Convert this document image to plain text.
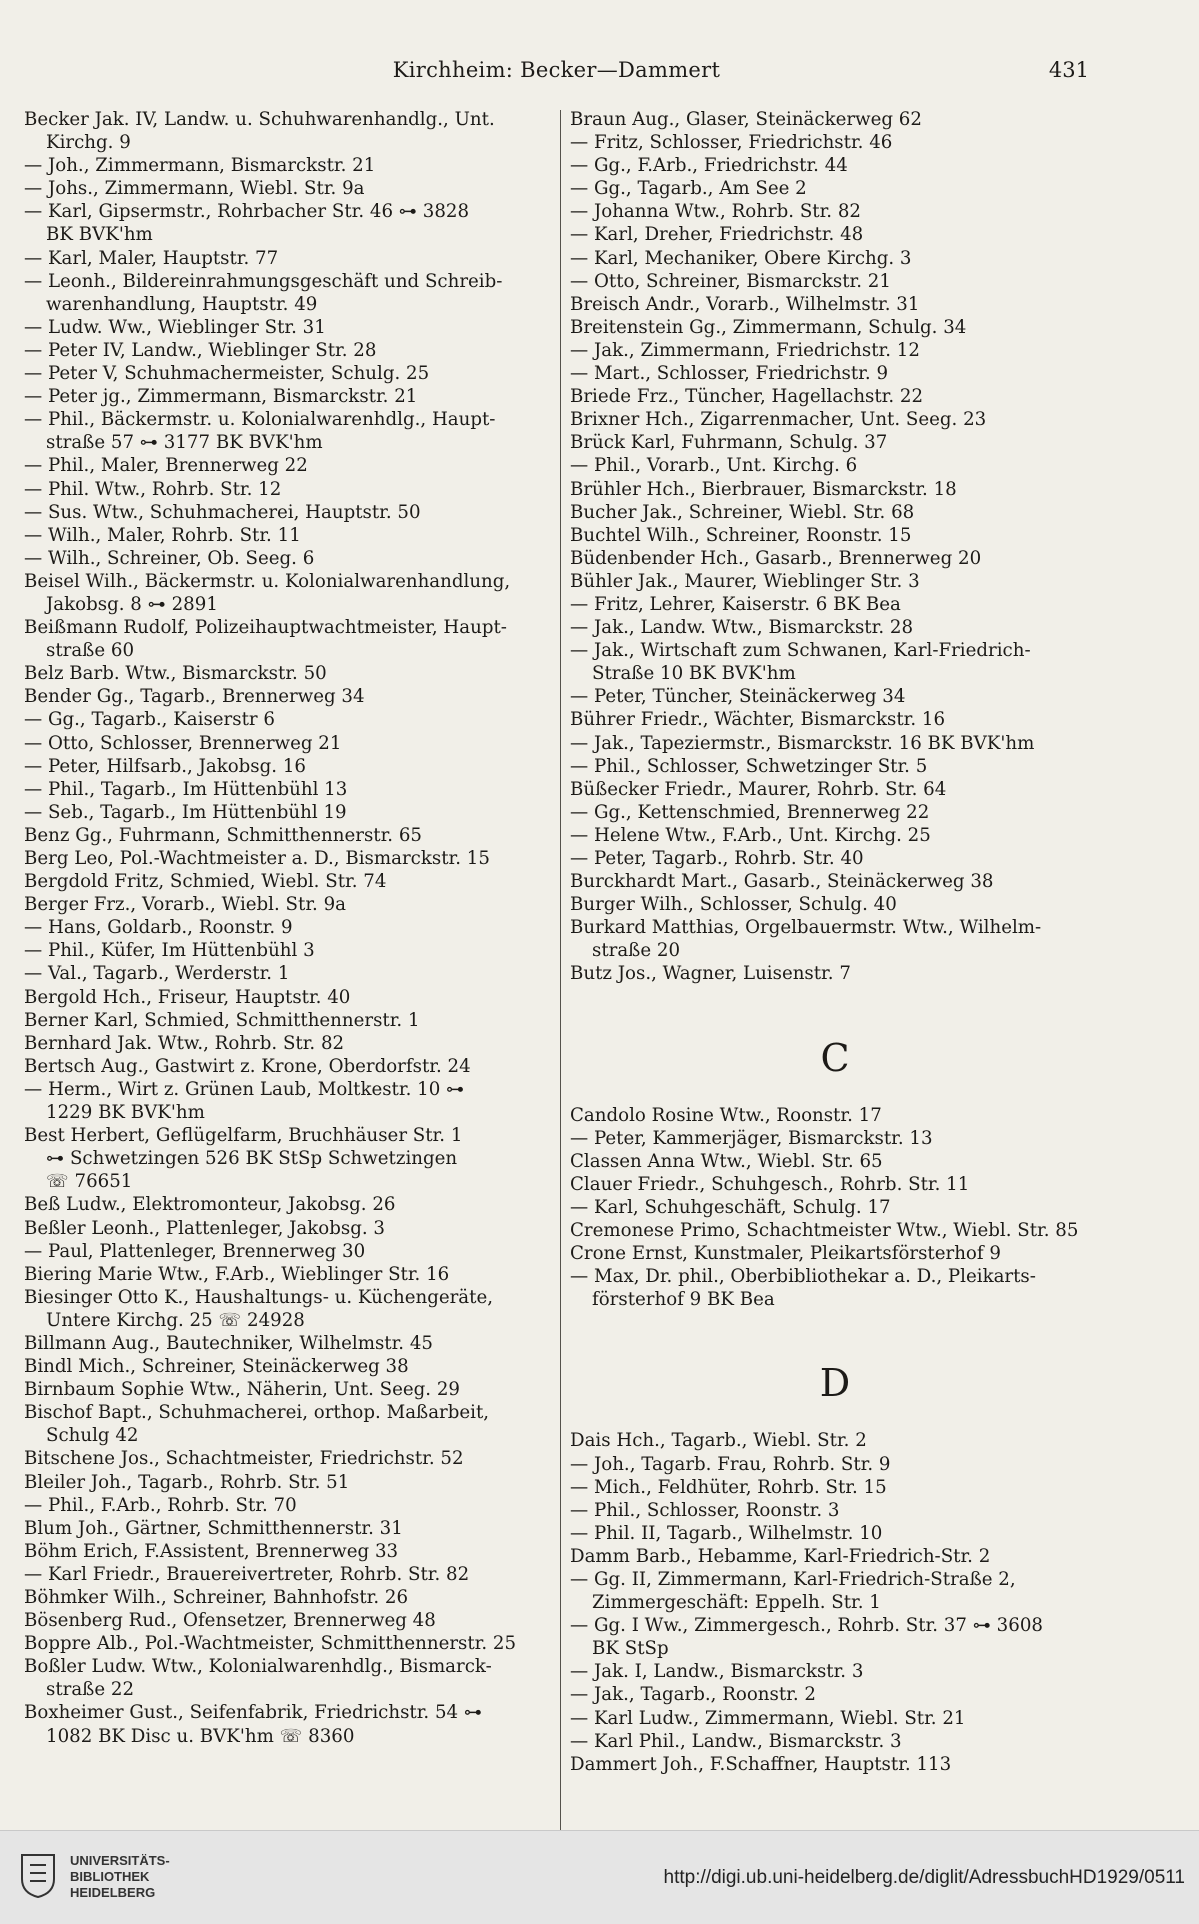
Kirchheim: Becker—Dammert	431
Becker Jak. IV, Landw. u. Schuhwarenhandlg., Unt.
Kirchg. 9
— Joh., Zimmermann, Bismarckstr. 21
— Johs., Zimmermann, Wiebl. Str. 9a
— Karl, Gipsermstr., Rohrbacher Str. 46 ⊶ 3828
BK BVK'hm
— Karl, Maler, Hauptstr. 77
— Leonh., Bildereinrahmungsgeschäft und Schreib-
warenhandlung, Hauptstr. 49
— Ludw. Ww., Wieblinger Str. 31
— Peter IV, Landw., Wieblinger Str. 28
— Peter V, Schuhmachermeister, Schulg. 25
— Peter jg., Zimmermann, Bismarckstr. 21
— Phil., Bäckermstr. u. Kolonialwarenhdlg., Haupt-
straße 57 ⊶ 3177 BK BVK'hm
— Phil., Maler, Brennerweg 22
— Phil. Wtw., Rohrb. Str. 12
— Sus. Wtw., Schuhmacherei, Hauptstr. 50
— Wilh., Maler, Rohrb. Str. 11
— Wilh., Schreiner, Ob. Seeg. 6
Beisel Wilh., Bäckermstr. u. Kolonialwarenhandlung,
Jakobsg. 8 ⊶ 2891
Beißmann Rudolf, Polizeihauptwachtmeister, Haupt-
straße 60
Belz Barb. Wtw., Bismarckstr. 50
Bender Gg., Tagarb., Brennerweg 34
— Gg., Tagarb., Kaiserstr 6
— Otto, Schlosser, Brennerweg 21
— Peter, Hilfsarb., Jakobsg. 16
— Phil., Tagarb., Im Hüttenbühl 13
— Seb., Tagarb., Im Hüttenbühl 19
Benz Gg., Fuhrmann, Schmitthennerstr. 65
Berg Leo, Pol.-Wachtmeister a. D., Bismarckstr. 15
Bergdold Fritz, Schmied, Wiebl. Str. 74
Berger Frz., Vorarb., Wiebl. Str. 9a
— Hans, Goldarb., Roonstr. 9
— Phil., Küfer, Im Hüttenbühl 3
— Val., Tagarb., Werderstr. 1
Bergold Hch., Friseur, Hauptstr. 40
Berner Karl, Schmied, Schmitthennerstr. 1
Bernhard Jak. Wtw., Rohrb. Str. 82
Bertsch Aug., Gastwirt z. Krone, Oberdorfstr. 24
— Herm., Wirt z. Grünen Laub, Moltkestr. 10 ⊶
1229 BK BVK'hm
Best Herbert, Geflügelfarm, Bruchhäuser Str. 1
⊶ Schwetzingen 526 BK StSp Schwetzingen
☏ 76651
Beß Ludw., Elektromonteur, Jakobsg. 26
Beßler Leonh., Plattenleger, Jakobsg. 3
— Paul, Plattenleger, Brennerweg 30
Biering Marie Wtw., F.Arb., Wieblinger Str. 16
Biesinger Otto K., Haushaltungs- u. Küchengeräte,
Untere Kirchg. 25 ☏ 24928
Billmann Aug., Bautechniker, Wilhelmstr. 45
Bindl Mich., Schreiner, Steinäckerweg 38
Birnbaum Sophie Wtw., Näherin, Unt. Seeg. 29
Bischof Bapt., Schuhmacherei, orthop. Maßarbeit,
Schulg 42
Bitschene Jos., Schachtmeister, Friedrichstr. 52
Bleiler Joh., Tagarb., Rohrb. Str. 51
— Phil., F.Arb., Rohrb. Str. 70
Blum Joh., Gärtner, Schmitthennerstr. 31
Böhm Erich, F.Assistent, Brennerweg 33
— Karl Friedr., Brauereivertreter, Rohrb. Str. 82
Böhmker Wilh., Schreiner, Bahnhofstr. 26
Bösenberg Rud., Ofensetzer, Brennerweg 48
Boppre Alb., Pol.-Wachtmeister, Schmitthennerstr. 25
Boßler Ludw. Wtw., Kolonialwarenhdlg., Bismarck-
straße 22
Boxheimer Gust., Seifenfabrik, Friedrichstr. 54 ⊶
1082 BK Disc u. BVK'hm ☏ 8360
Braun Aug., Glaser, Steinäckerweg 62
— Fritz, Schlosser, Friedrichstr. 46
— Gg., F.Arb., Friedrichstr. 44
— Gg., Tagarb., Am See 2
— Johanna Wtw., Rohrb. Str. 82
— Karl, Dreher, Friedrichstr. 48
— Karl, Mechaniker, Obere Kirchg. 3
— Otto, Schreiner, Bismarckstr. 21
Breisch Andr., Vorarb., Wilhelmstr. 31
Breitenstein Gg., Zimmermann, Schulg. 34
— Jak., Zimmermann, Friedrichstr. 12
— Mart., Schlosser, Friedrichstr. 9
Briede Frz., Tüncher, Hagellachstr. 22
Brixner Hch., Zigarrenmacher, Unt. Seeg. 23
Brück Karl, Fuhrmann, Schulg. 37
— Phil., Vorarb., Unt. Kirchg. 6
Brühler Hch., Bierbrauer, Bismarckstr. 18
Bucher Jak., Schreiner, Wiebl. Str. 68
Buchtel Wilh., Schreiner, Roonstr. 15
Büdenbender Hch., Gasarb., Brennerweg 20
Bühler Jak., Maurer, Wieblinger Str. 3
— Fritz, Lehrer, Kaiserstr. 6 BK Bea
— Jak., Landw. Wtw., Bismarckstr. 28
— Jak., Wirtschaft zum Schwanen, Karl-Friedrich-
Straße 10 BK BVK'hm
— Peter, Tüncher, Steinäckerweg 34
Bührer Friedr., Wächter, Bismarckstr. 16
— Jak., Tapeziermstr., Bismarckstr. 16 BK BVK'hm
— Phil., Schlosser, Schwetzinger Str. 5
Büßecker Friedr., Maurer, Rohrb. Str. 64
— Gg., Kettenschmied, Brennerweg 22
— Helene Wtw., F.Arb., Unt. Kirchg. 25
— Peter, Tagarb., Rohrb. Str. 40
Burckhardt Mart., Gasarb., Steinäckerweg 38
Burger Wilh., Schlosser, Schulg. 40
Burkard Matthias, Orgelbauermstr. Wtw., Wilhelm-
straße 20
Butz Jos., Wagner, Luisenstr. 7
C
Candolo Rosine Wtw., Roonstr. 17
— Peter, Kammerjäger, Bismarckstr. 13
Classen Anna Wtw., Wiebl. Str. 65
Clauer Friedr., Schuhgesch., Rohrb. Str. 11
— Karl, Schuhgeschäft, Schulg. 17
Cremonese Primo, Schachtmeister Wtw., Wiebl. Str. 85
Crone Ernst, Kunstmaler, Pleikartsförsterhof 9
— Max, Dr. phil., Oberbibliothekar a. D., Pleikarts-
försterhof 9 BK Bea
D
Dais Hch., Tagarb., Wiebl. Str. 2
— Joh., Tagarb. Frau, Rohrb. Str. 9
— Mich., Feldhüter, Rohrb. Str. 15
— Phil., Schlosser, Roonstr. 3
— Phil. II, Tagarb., Wilhelmstr. 10
Damm Barb., Hebamme, Karl-Friedrich-Str. 2
— Gg. II, Zimmermann, Karl-Friedrich-Straße 2,
Zimmergeschäft: Eppelh. Str. 1
— Gg. I Ww., Zimmergesch., Rohrb. Str. 37 ⊶ 3608
BK StSp
— Jak. I, Landw., Bismarckstr. 3
— Jak., Tagarb., Roonstr. 2
— Karl Ludw., Zimmermann, Wiebl. Str. 21
— Karl Phil., Landw., Bismarckstr. 3
Dammert Joh., F.Schaffner, Hauptstr. 113
UNIVERSITÄTS-
BIBLIOTHEK
HEIDELBERG
http://digi.ub.uni-heidelberg.de/diglit/AdressbuchHD1929/0511
